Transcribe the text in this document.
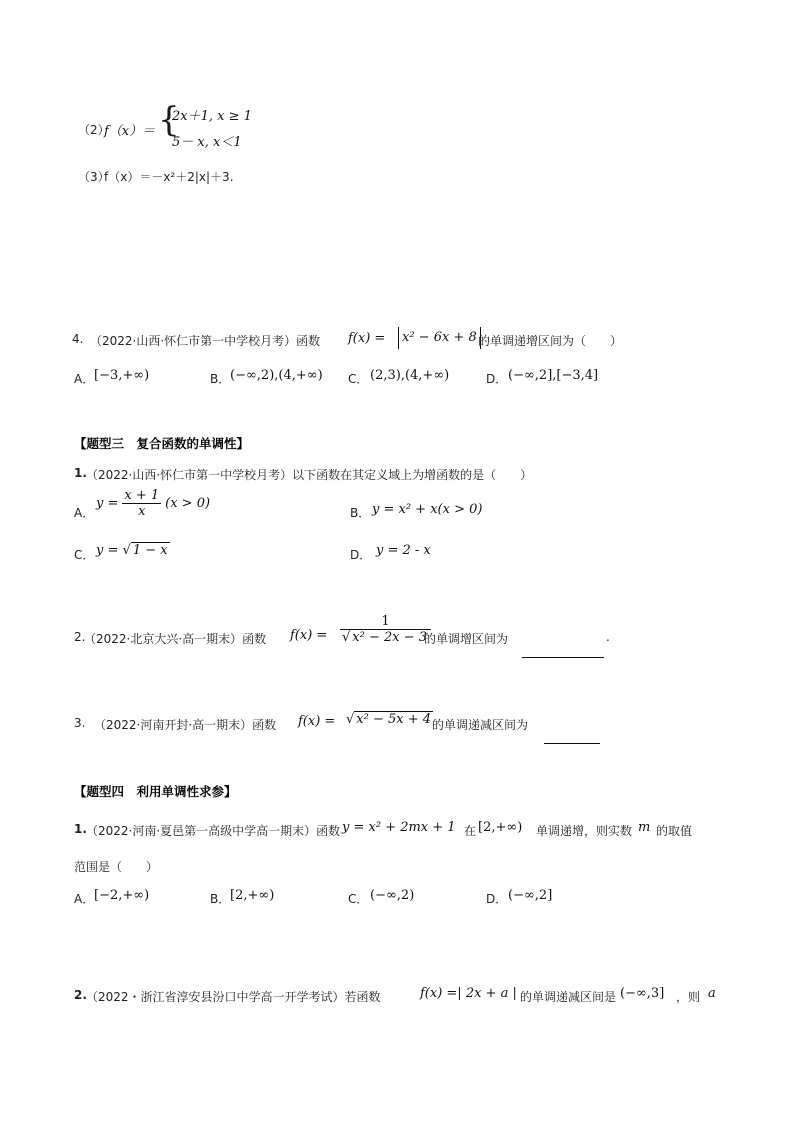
（2）
f（x）＝ {
2x＋1, x ≥ 1
5－ x, x＜1
（3）
f（x）＝－x²＋2|x|＋3.
4. （2022·山西·怀仁市第一中学校月考）函数 f(x) =	x² − 6x + 8 的单调递增区间为（　　）
A． [−3,+∞)	B． (−∞,2),(4,+∞) C． (2,3),(4,+∞)	D． (−∞,2],[−3,4]
【题型三　复合函数的单调性】
1. （2022·山西·怀仁市第一中学校月考）以下函数在其定义域上为增函数的是（　　）
A．
$y = \frac{x + 1}{x} (x > 0)$
B． y = x² + x(x > 0)
C． y = √ 1 − x	D． y = 2 - x
2.
（2022·北京大兴·高一期末）函数 $f(x) = \frac{1}{\text{√ x² − 2x − 3}}$
的单调增区间为	.
3. （2022·河南开封·高一期末）函数 f(x) = √ x² − 5x + 4 的单调递减区间为
【题型四　利用单调性求参】
1. （2022·河南·夏邑第一高级中学高一期末）函数 y = x² + 2mx + 1 在 [2,+∞) 单调递增，则实数 m 的取值
范围是（　　）
A． [−2,+∞)	B． [2,+∞)	C． (−∞,2)	D． (−∞,2]
2. （2022・浙江省淳安县汾口中学高一开学考试）若函数	f(x) =| 2x + a | 的单调递减区间是 (−∞,3] ，则 a
